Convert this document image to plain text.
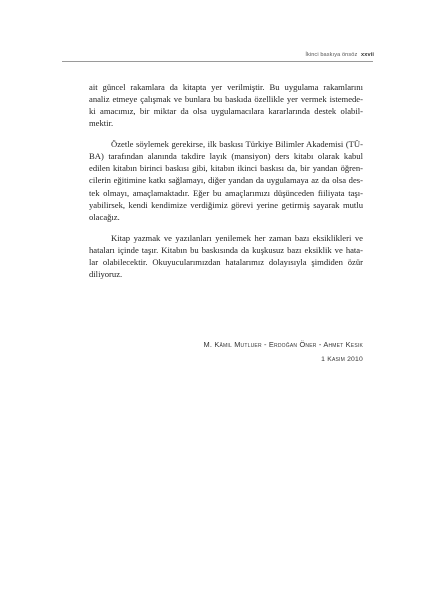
İkinci baskıya önsöz xxvii
ait güncel rakamlara da kitapta yer verilmiştir. Bu uygulama rakamlarını
analiz etmeye çalışmak ve bunlara bu baskıda özellikle yer vermek istemede-
ki amacımız, bir miktar da olsa uygulamacılara kararlarında destek olabil-
mektir.
Özetle söylemek gerekirse, ilk baskısı Türkiye Bilimler Akademisi (TÜ-
BA) tarafından alanında takdire layık (mansiyon) ders kitabı olarak kabul
edilen kitabın birinci baskısı gibi, kitabın ikinci baskısı da, bir yandan öğren-
cilerin eğitimine katkı sağlamayı, diğer yandan da uygulamaya az da olsa des-
tek olmayı, amaçlamaktadır. Eğer bu amaçlarımızı düşünceden fiiliyata taşı-
yabilirsek, kendi kendimize verdiğimiz görevi yerine getirmiş sayarak mutlu
olacağız.
Kitap yazmak ve yazılanları yenilemek her zaman bazı eksiklikleri ve
hataları içinde taşır. Kitabın bu baskısında da kuşkusuz bazı eksiklik ve hata-
lar olabilecektir. Okuyucularımızdan hatalarımız dolayısıyla şimdiden özür
diliyoruz.
M. Kâmil Mutluer - Erdoğan Öner - Ahmet Kesik
1 Kasım 2010
